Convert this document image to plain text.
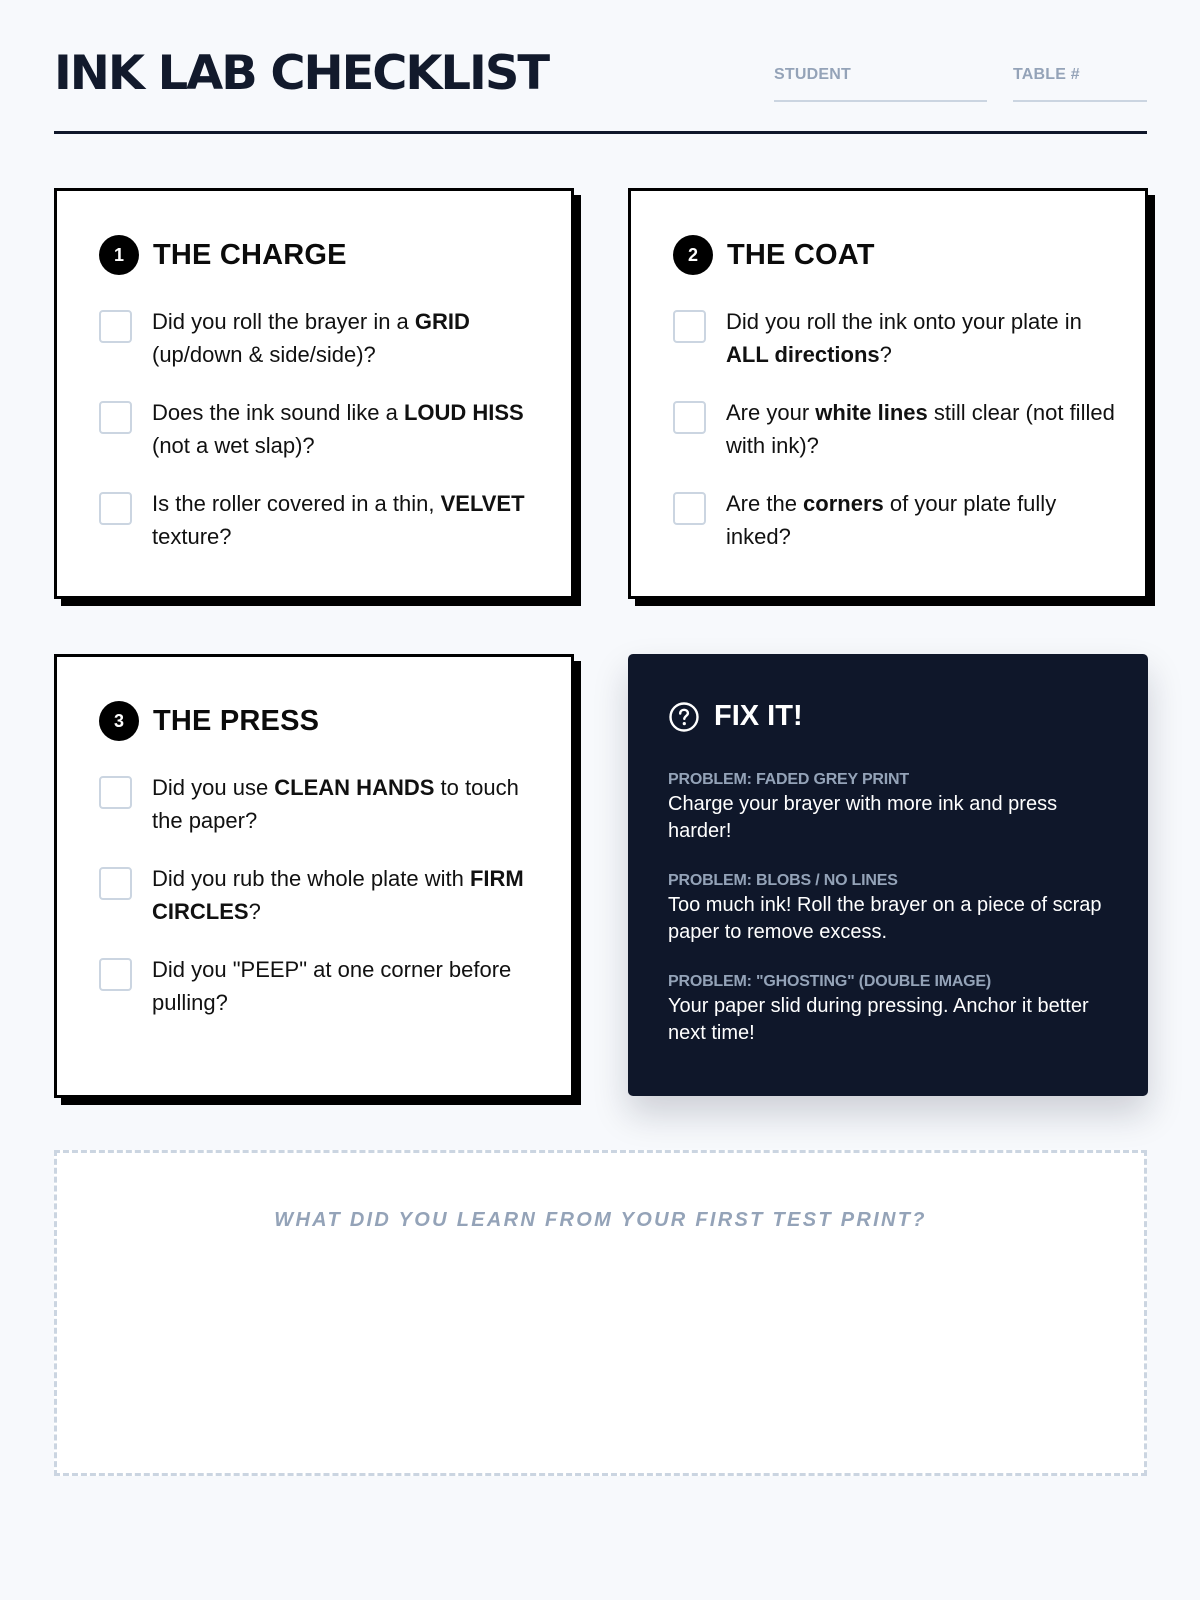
INK LAB CHECKLIST	STUDENT	TABLE #
1	THE CHARGE
Did you roll the brayer in a GRID (up/down & side/side)?
Does the ink sound like a LOUD HISS (not a wet slap)?
Is the roller covered in a thin, VELVET texture?
2	THE COAT
Did you roll the ink onto your plate in ALL directions?
Are your white lines still clear (not filled with ink)?
Are the corners of your plate fully inked?
3	THE PRESS
Did you use CLEAN HANDS to touch the paper?
Did you rub the whole plate with FIRM CIRCLES?
Did you "PEEP" at one corner before pulling?
FIX IT!
PROBLEM: FADED GREY PRINT
Charge your brayer with more ink and press harder!
PROBLEM: BLOBS / NO LINES
Too much ink! Roll the brayer on a piece of scrap paper to remove excess.
PROBLEM: "GHOSTING" (DOUBLE IMAGE)
Your paper slid during pressing. Anchor it better next time!
WHAT DID YOU LEARN FROM YOUR FIRST TEST PRINT?
